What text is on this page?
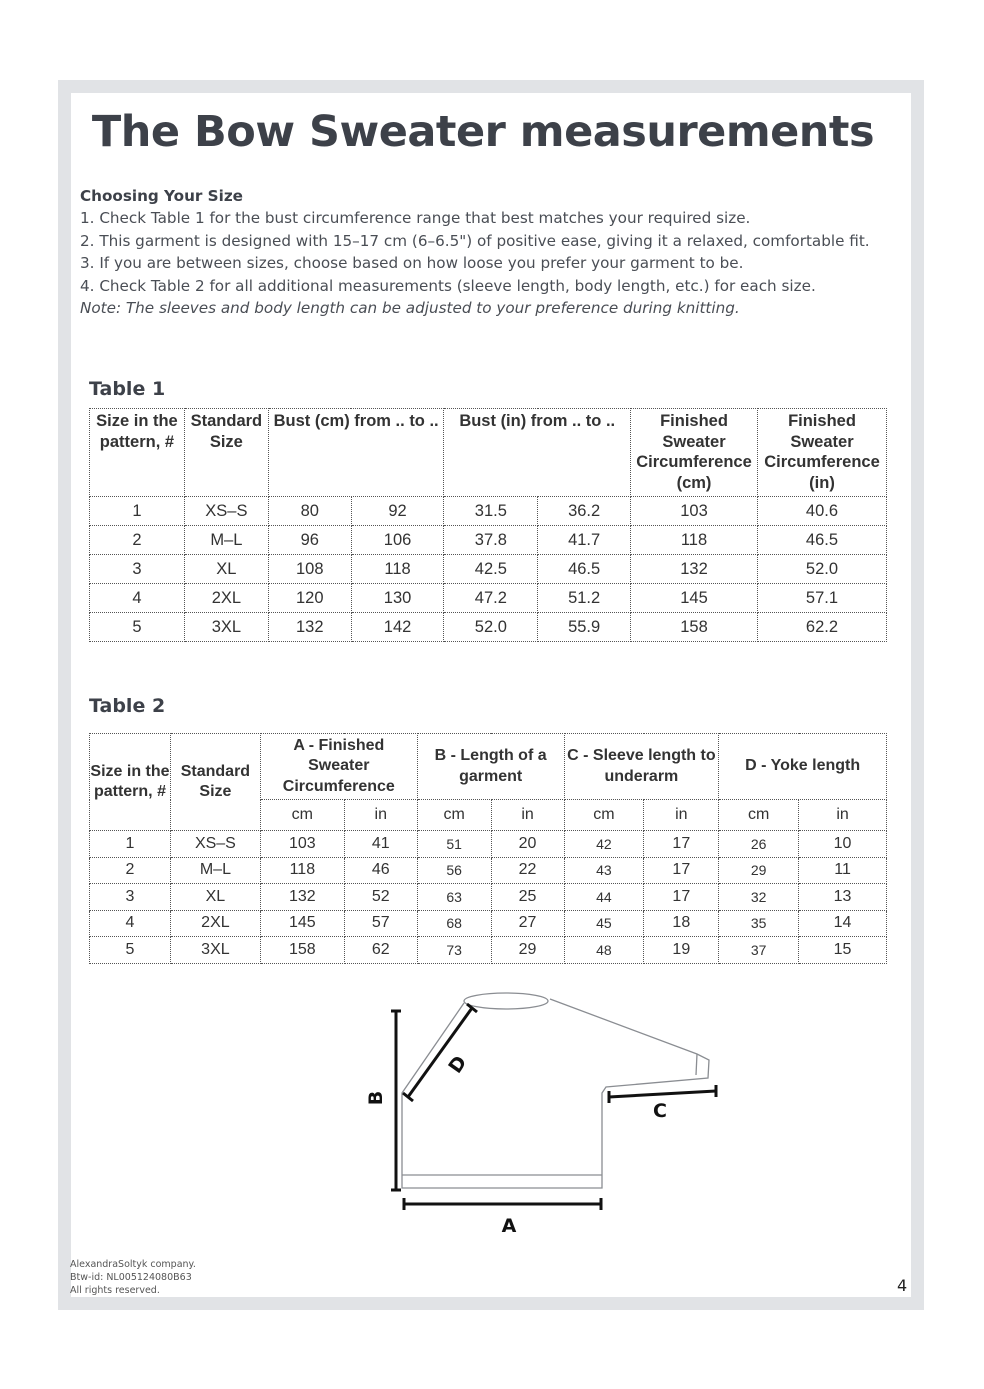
The Bow Sweater measurements
Choosing Your Size
1. Check Table 1 for the bust circumference range that best matches your required size.
2. This garment is designed with 15–17 cm (6–6.5") of positive ease, giving it a relaxed, comfortable fit.
3. If you are between sizes, choose based on how loose you prefer your garment to be.
4. Check Table 2 for all additional measurements (sleeve length, body length, etc.) for each size.
Note: The sleeves and body length can be adjusted to your preference during knitting.
Table 1
Size in the pattern, #	Standard Size	Bust (cm) from .. to ..		Bust (in) from .. to ..		Finished Sweater Circumference (cm)	Finished Sweater Circumference (in)
1	XS–S	80	92	31.5	36.2	103	40.6
2	M–L	96	106	37.8	41.7	118	46.5
3	XL	108	118	42.5	46.5	132	52.0
4	2XL	120	130	47.2	51.2	145	57.1
5	3XL	132	142	52.0	55.9	158	62.2
Table 2
Size in the pattern, #	Standard Size	A - Finished Sweater Circumference		B - Length of a garment		C - Sleeve length to underarm		D - Yoke length	
		cm	in	cm	in	cm	in	cm	in
1	XS–S	103	41	51	20	42	17	26	10
2	M–L	118	46	56	22	43	17	29	11
3	XL	132	52	63	25	44	17	32	13
4	2XL	145	57	68	27	45	18	35	14
5	3XL	158	62	73	29	48	19	37	15
B
A
C
D
AlexandraSoltyk company.
Btw-id: NL005124080B63
All rights reserved.	4
